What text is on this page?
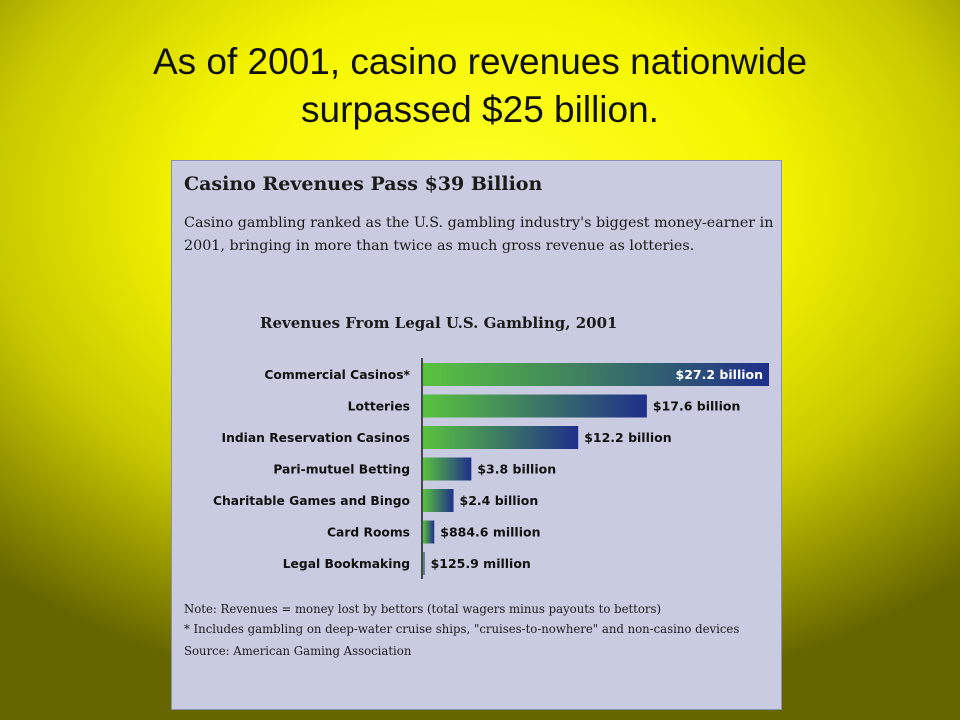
As of 2001, casino revenues nationwide
surpassed $25 billion.
Casino Revenues Pass $39 Billion
Casino gambling ranked as the U.S. gambling industry's biggest money-earner in 2001, bringing in more than twice as much gross revenue as lotteries.
Revenues From Legal U.S. Gambling, 2001
Commercial Casinos*	$27.2 billion
Lotteries	$17.6 billion
Indian Reservation Casinos	$12.2 billion
Pari-mutuel Betting	$3.8 billion
Charitable Games and Bingo	$2.4 billion
Card Rooms $884.6 million
Legal Bookmaking $125.9 million
Note: Revenues = money lost by bettors (total wagers minus payouts to bettors)
* Includes gambling on deep-water cruise ships, "cruises-to-nowhere" and non-casino devices
Source: American Gaming Association
